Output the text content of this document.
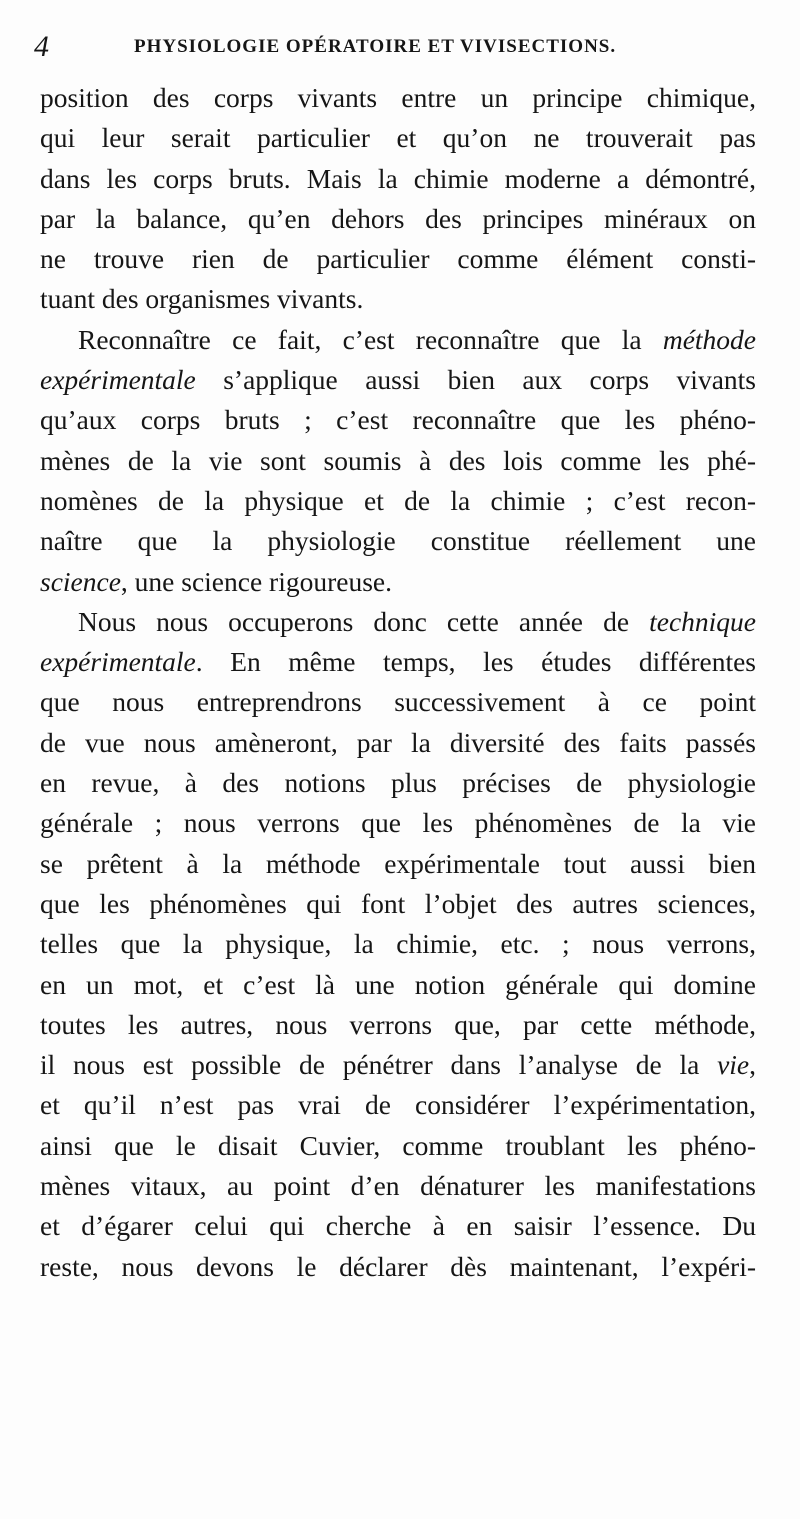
4	PHYSIOLOGIE OPÉRATOIRE ET VIVISECTIONS.

position des corps vivants entre un principe chimique,
qui leur serait particulier et qu’on ne trouverait pas
dans les corps bruts. Mais la chimie moderne a démontré,
par la balance, qu’en dehors des principes minéraux on
ne trouve rien de particulier comme élément consti-
tuant des organismes vivants.

Reconnaître ce fait, c’est reconnaître que la méthode
expérimentale s’applique aussi bien aux corps vivants
qu’aux corps bruts ; c’est reconnaître que les phéno-
mènes de la vie sont soumis à des lois comme les phé-
nomènes de la physique et de la chimie ; c’est recon-
naître que la physiologie constitue réellement une
science, une science rigoureuse.

Nous nous occuperons donc cette année de technique
expérimentale. En même temps, les études différentes
que nous entreprendrons successivement à ce point
de vue nous amèneront, par la diversité des faits passés
en revue, à des notions plus précises de physiologie
générale ; nous verrons que les phénomènes de la vie
se prêtent à la méthode expérimentale tout aussi bien
que les phénomènes qui font l’objet des autres sciences,
telles que la physique, la chimie, etc. ; nous verrons,
en un mot, et c’est là une notion générale qui domine
toutes les autres, nous verrons que, par cette méthode,
il nous est possible de pénétrer dans l’analyse de la vie,
et qu’il n’est pas vrai de considérer l’expérimentation,
ainsi que le disait Cuvier, comme troublant les phéno-
mènes vitaux, au point d’en dénaturer les manifestations
et d’égarer celui qui cherche à en saisir l’essence. Du
reste, nous devons le déclarer dès maintenant, l’expéri-
